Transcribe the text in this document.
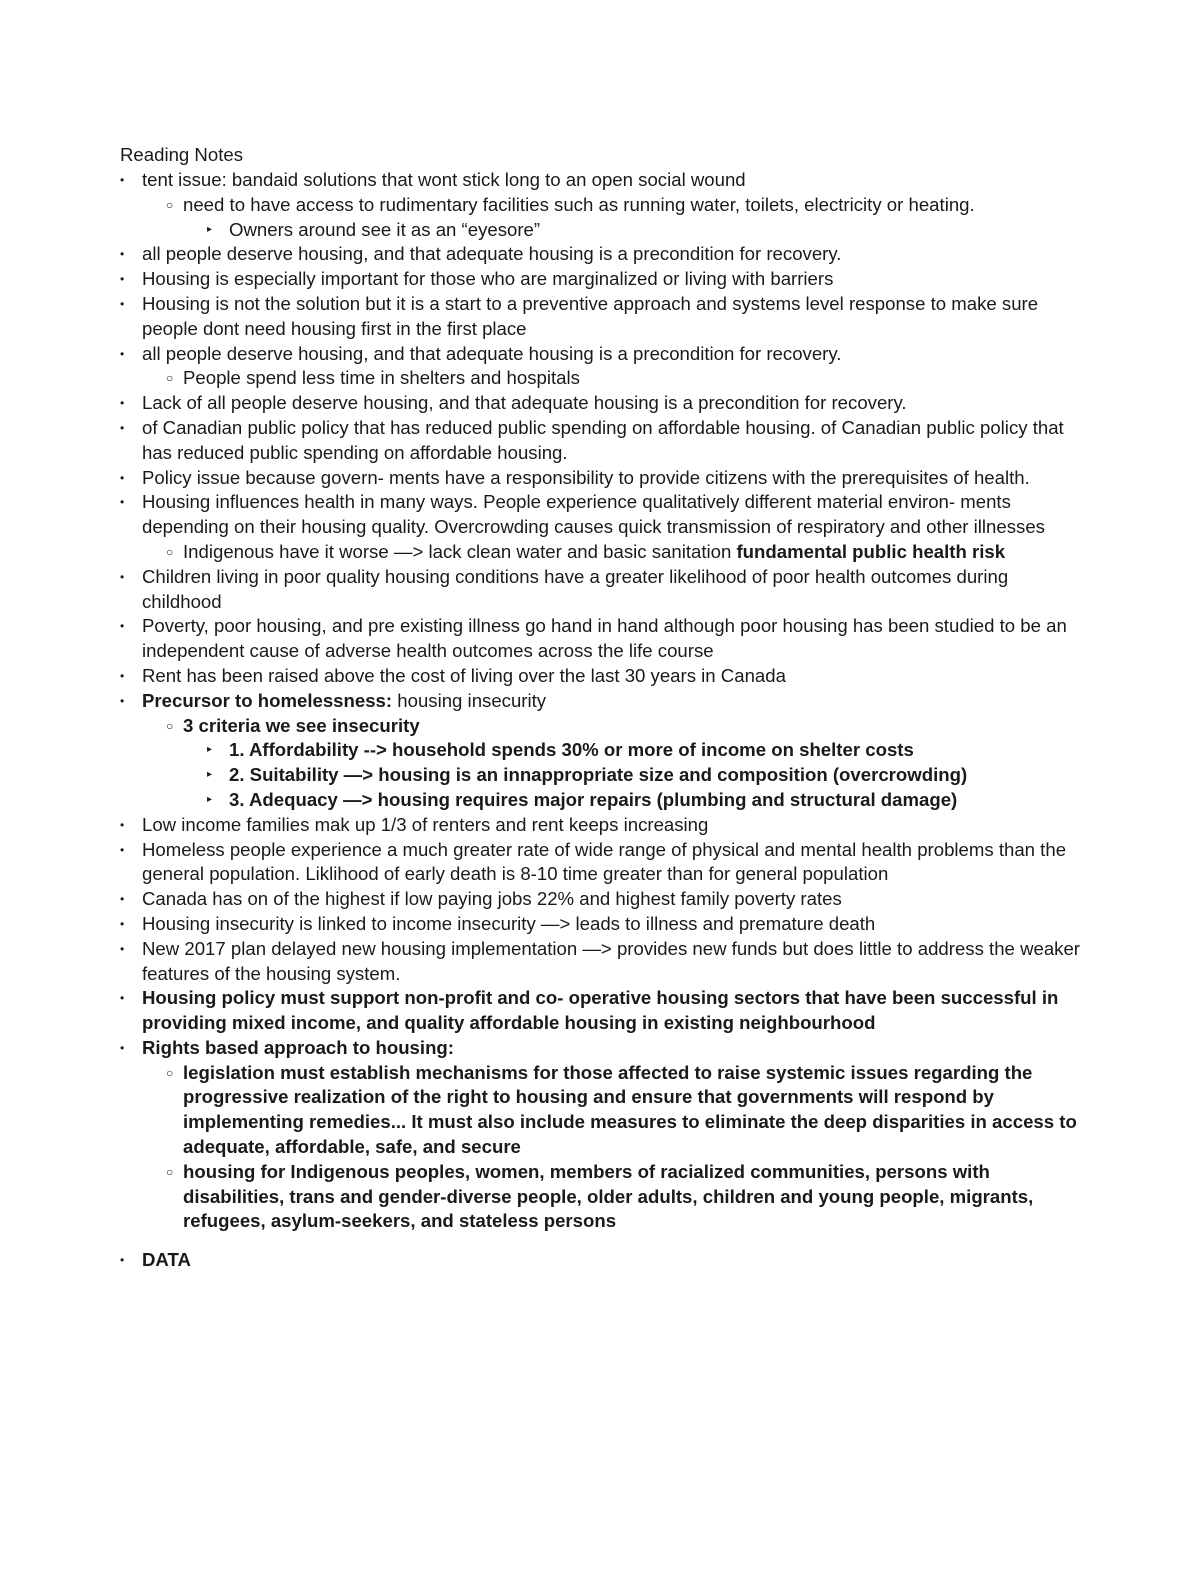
Reading Notes
• tent issue: bandaid solutions that wont stick long to an open social wound
○ need to have access to rudimentary facilities such as running water, toilets, electricity or heating.
▸ Owners around see it as an “eyesore”
• all people deserve housing, and that adequate housing is a precondition for recovery.
• Housing is especially important for those who are marginalized or living with barriers
• Housing is not the solution but it is a start to a preventive approach and systems level response to make sure people dont need housing first in the first place
• all people deserve housing, and that adequate housing is a precondition for recovery.
○ People spend less time in shelters and hospitals
• Lack of all people deserve housing, and that adequate housing is a precondition for recovery.
• of Canadian public policy that has reduced public spending on affordable housing. of Canadian public policy that has reduced public spending on affordable housing.
• Policy issue because govern- ments have a responsibility to provide citizens with the prerequisites of health.
• Housing influences health in many ways. People experience qualitatively different material environ- ments depending on their housing quality. Overcrowding causes quick transmission of respiratory and other illnesses
○ Indigenous have it worse —> lack clean water and basic sanitation fundamental public health risk
• Children living in poor quality housing conditions have a greater likelihood of poor health outcomes during childhood
• Poverty, poor housing, and pre existing illness go hand in hand although poor housing has been studied to be an independent cause of adverse health outcomes across the life course
• Rent has been raised above the cost of living over the last 30 years in Canada
• Precursor to homelessness: housing insecurity
○ 3 criteria we see insecurity
▸ 1. Affordability --> household spends 30% or more of income on shelter costs
▸ 2. Suitability —> housing is an innappropriate size and composition (overcrowding)
▸ 3. Adequacy —> housing requires major repairs (plumbing and structural damage)
• Low income families mak up 1/3 of renters and rent keeps increasing
• Homeless people experience a much greater rate of wide range of physical and mental health problems than the general population. Liklihood of early death is 8-10 time greater than for general population
• Canada has on of the highest if low paying jobs 22% and highest family poverty rates
• Housing insecurity is linked to income insecurity —> leads to illness and premature death
• New 2017 plan delayed new housing implementation —> provides new funds but does little to address the weaker features of the housing system.
• Housing policy must support non-profit and co- operative housing sectors that have been successful in providing mixed income, and quality affordable housing in existing neighbourhood
• Rights based approach to housing:
○ legislation must establish mechanisms for those affected to raise systemic issues regarding the progressive realization of the right to housing and ensure that governments will respond by implementing remedies... It must also include measures to eliminate the deep disparities in access to adequate, affordable, safe, and secure
○ housing for Indigenous peoples, women, members of racialized communities, persons with disabilities, trans and gender-diverse people, older adults, children and young people, migrants, refugees, asylum-seekers, and stateless persons
• DATA
